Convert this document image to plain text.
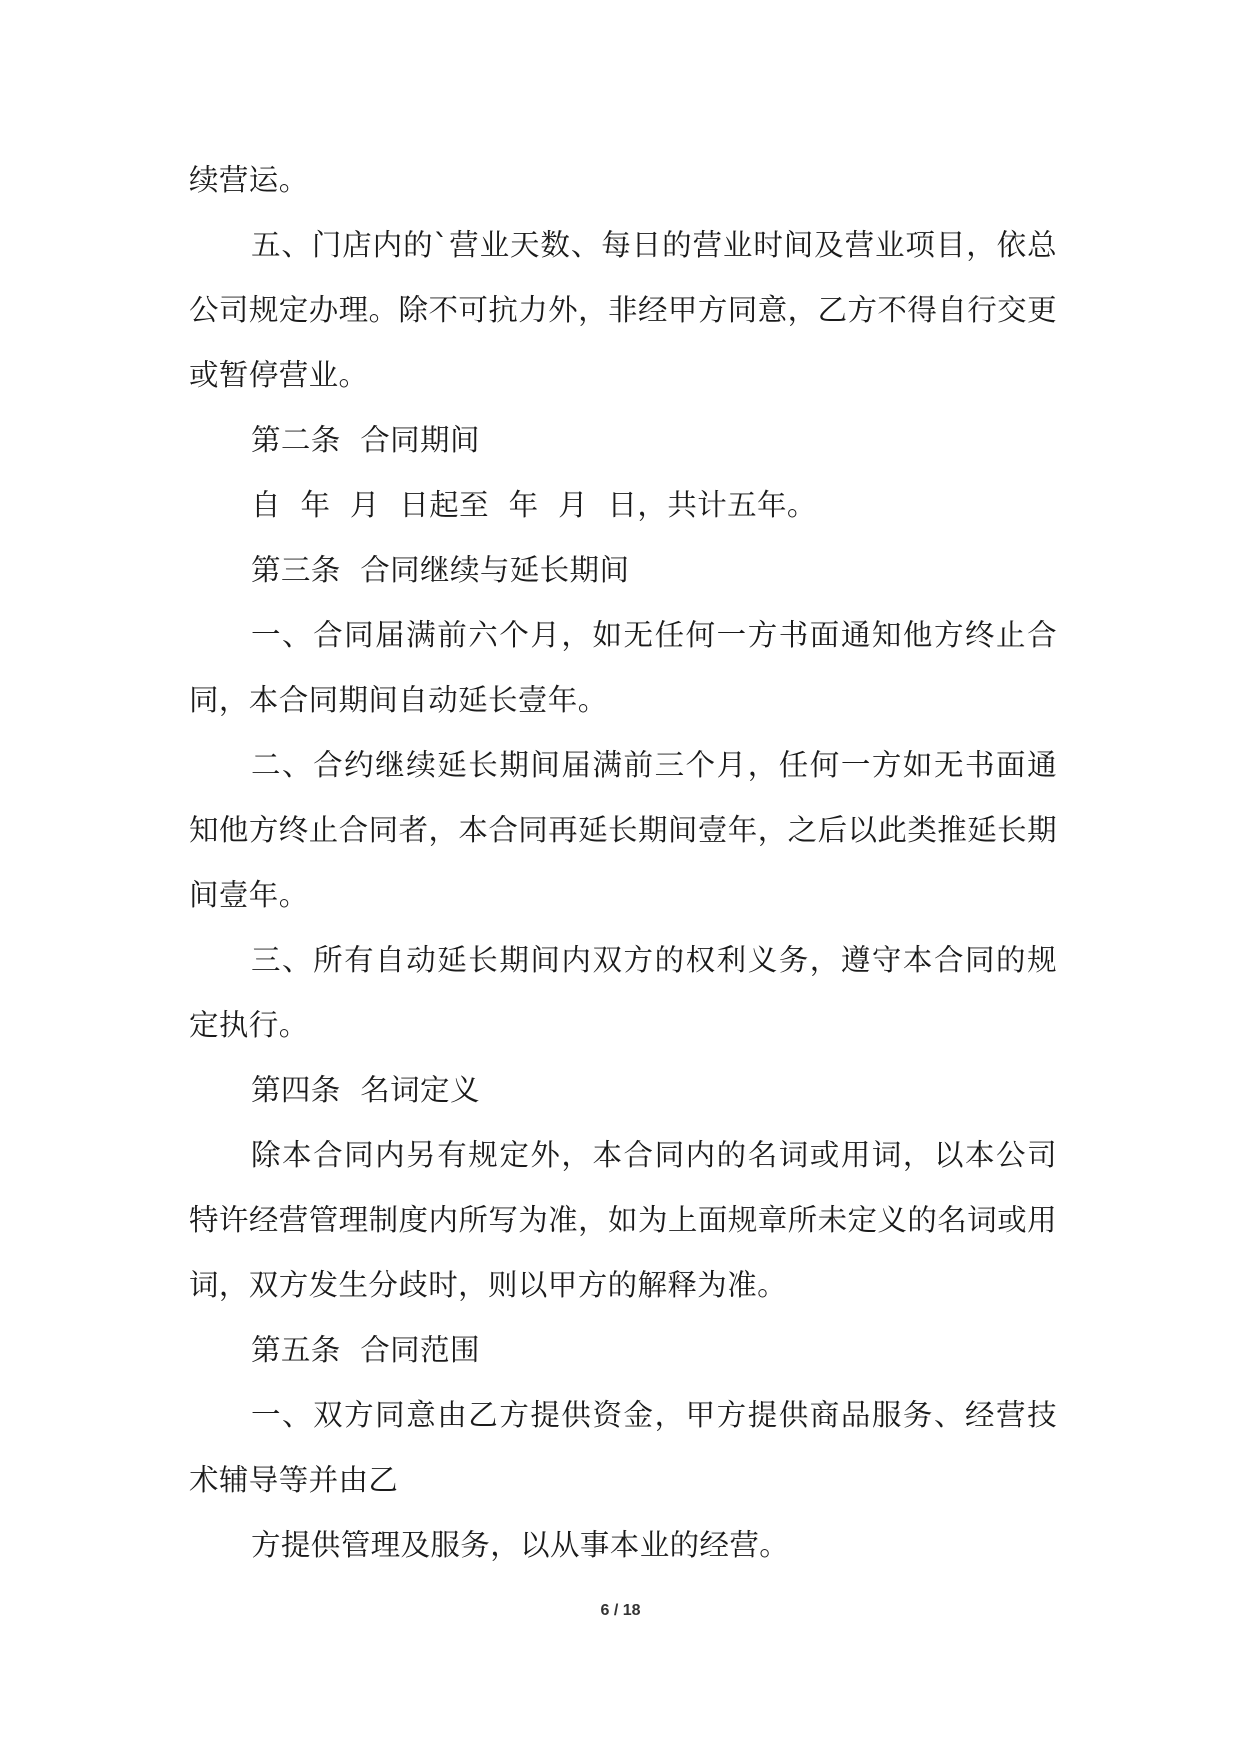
续营运。

五、门店内的`营业天数、每日的营业时间及营业项目，依总公司规定办理。除不可抗力外，非经甲方同意，乙方不得自行交更或暂停营业。

第二条  合同期间

自  年  月  日起至  年  月  日，共计五年。

第三条  合同继续与延长期间

一、合同届满前六个月，如无任何一方书面通知他方终止合同，本合同期间自动延长壹年。

二、合约继续延长期间届满前三个月，任何一方如无书面通知他方终止合同者，本合同再延长期间壹年，之后以此类推延长期间壹年。

三、所有自动延长期间内双方的权利义务，遵守本合同的规定执行。

第四条  名词定义

除本合同内另有规定外，本合同内的名词或用词，以本公司特许经营管理制度内所写为准，如为上面规章所未定义的名词或用词，双方发生分歧时，则以甲方的解释为准。

第五条  合同范围

一、双方同意由乙方提供资金，甲方提供商品服务、经营技术辅导等并由乙

方提供管理及服务，以从事本业的经营。

6 / 18
